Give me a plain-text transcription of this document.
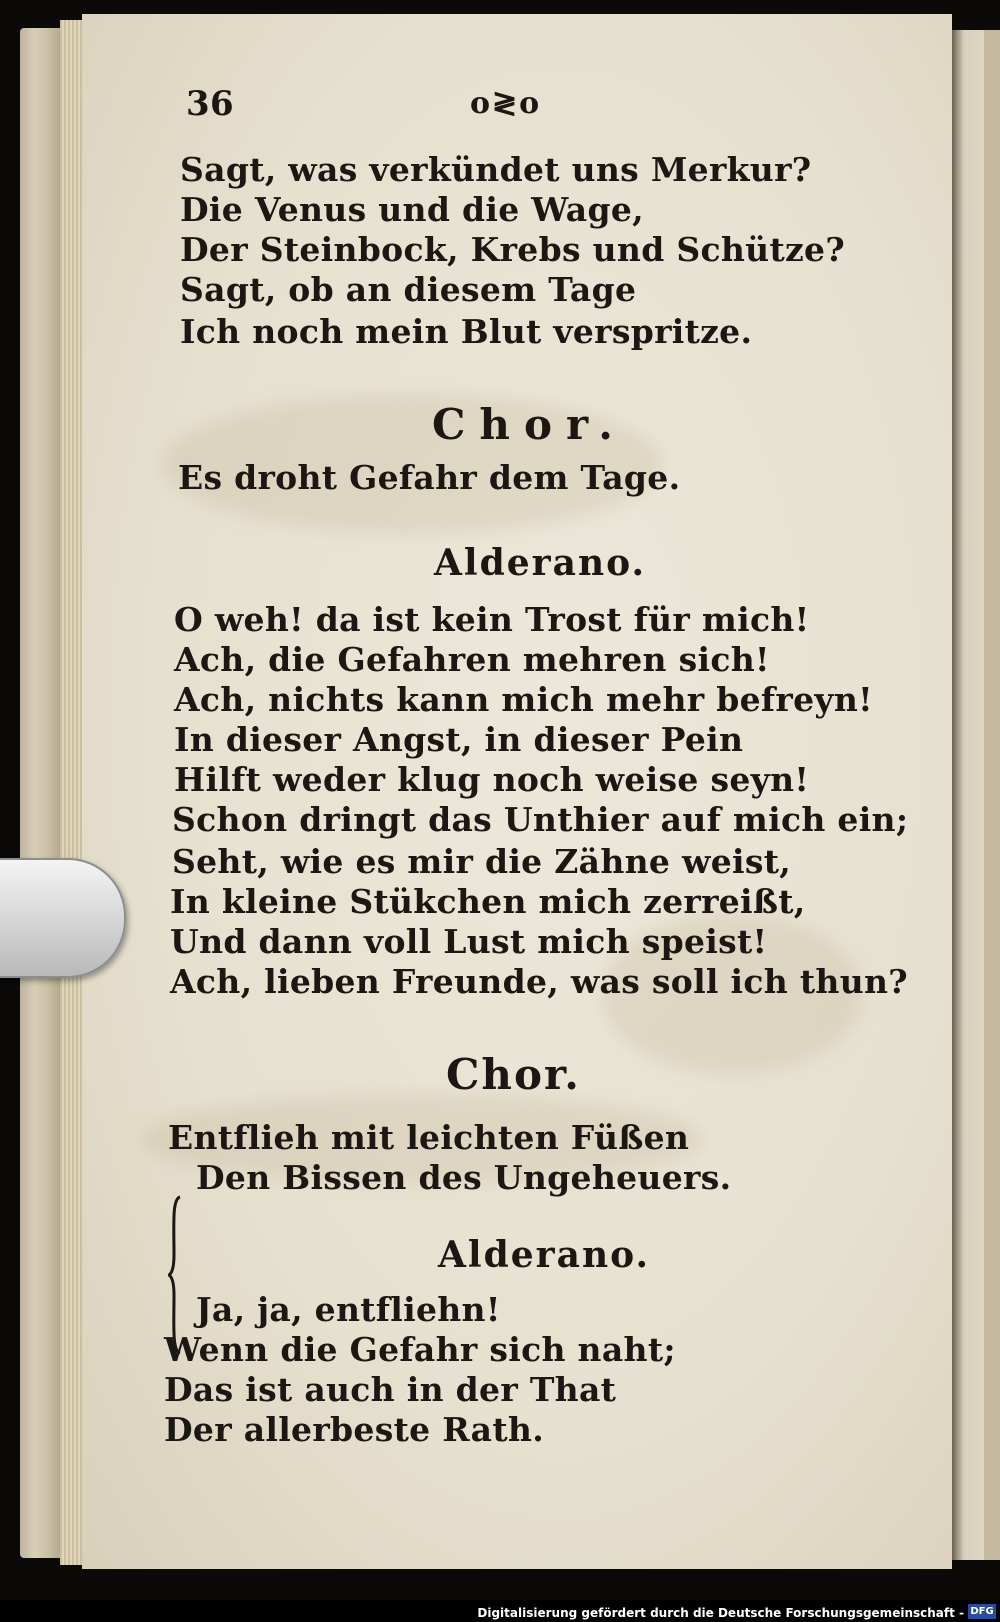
36	o≷o
Sagt, was verkündet uns Merkur?
Die Venus und die Wage,
Der Steinbock, Krebs und Schütze?
Sagt, ob an diesem Tage
Ich noch mein Blut verspritze.
Chor.
Es droht Gefahr dem Tage.
Alderano.
O weh! da ist kein Trost für mich!
Ach, die Gefahren mehren sich!
Ach, nichts kann mich mehr befreyn!
In dieser Angst, in dieser Pein
Hilft weder klug noch weise seyn!
Schon dringt das Unthier auf mich ein;
Seht, wie es mir die Zähne weist,
In kleine Stükchen mich zerreißt,
Und dann voll Lust mich speist!
Ach, lieben Freunde, was soll ich thun?
Chor.
Entflieh mit leichten Füßen
Den Bissen des Ungeheuers.
Alderano.
Ja, ja, entfliehn!
Wenn die Gefahr sich naht;
Das ist auch in der That
Der allerbeste Rath.
Digitalisierung gefördert durch die Deutsche Forschungsgemeinschaft - DFG
